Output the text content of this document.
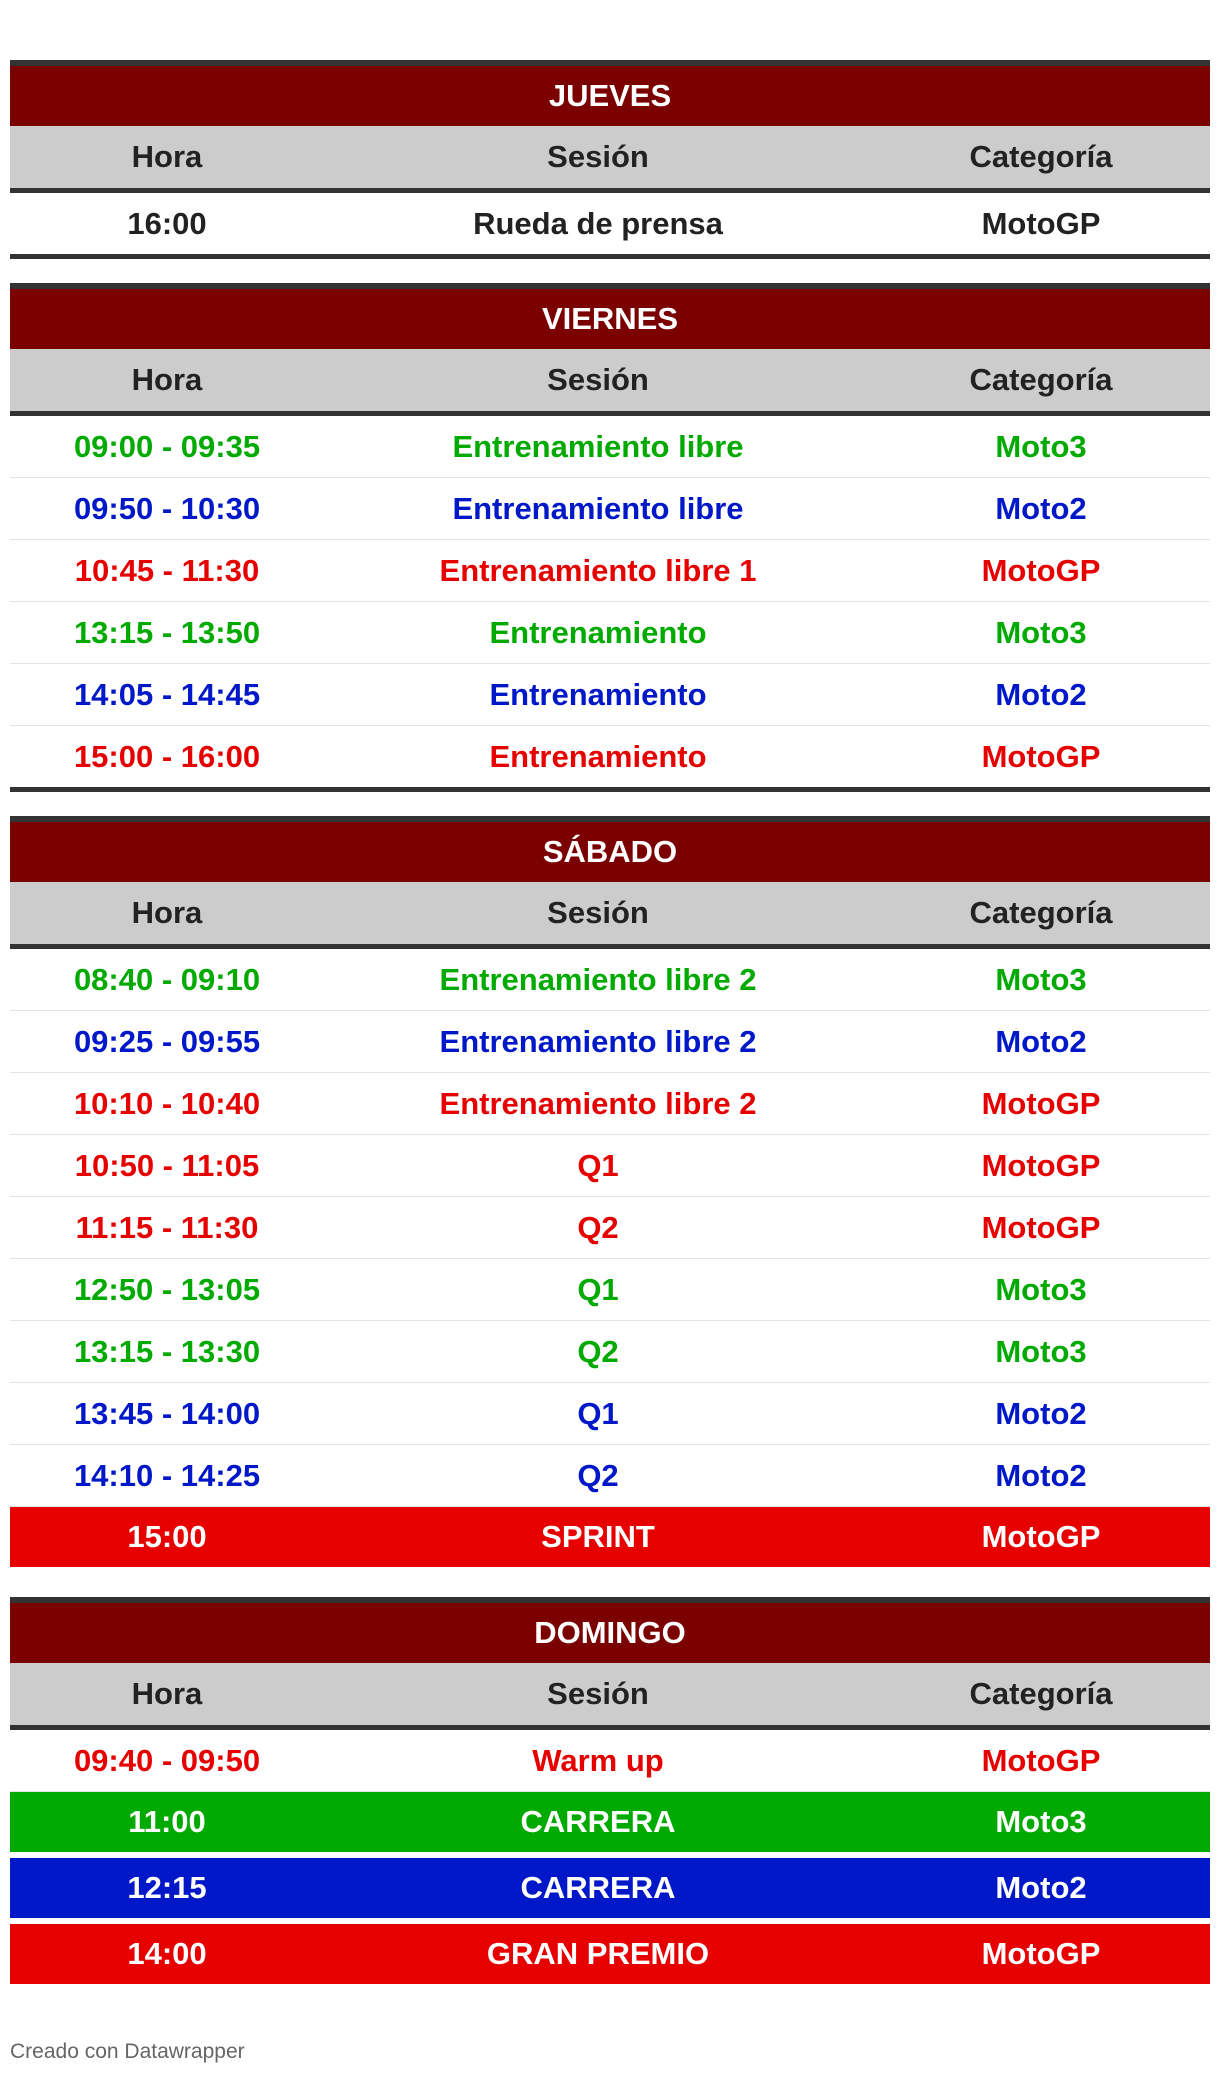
JUEVES
Hora	Sesión	Categoría
16:00	Rueda de prensa	MotoGP
VIERNES
Hora	Sesión	Categoría
09:00 - 09:35	Entrenamiento libre	Moto3
09:50 - 10:30	Entrenamiento libre	Moto2
10:45 - 11:30	Entrenamiento libre 1	MotoGP
13:15 - 13:50	Entrenamiento	Moto3
14:05 - 14:45	Entrenamiento	Moto2
15:00 - 16:00	Entrenamiento	MotoGP
SÁBADO
Hora	Sesión	Categoría
08:40 - 09:10	Entrenamiento libre 2	Moto3
09:25 - 09:55	Entrenamiento libre 2	Moto2
10:10 - 10:40	Entrenamiento libre 2	MotoGP
10:50 - 11:05	Q1	MotoGP
11:15 - 11:30	Q2	MotoGP
12:50 - 13:05	Q1	Moto3
13:15 - 13:30	Q2	Moto3
13:45 - 14:00	Q1	Moto2
14:10 - 14:25	Q2	Moto2
15:00	SPRINT	MotoGP
DOMINGO
Hora	Sesión	Categoría
09:40 - 09:50	Warm up	MotoGP
11:00	CARRERA	Moto3
12:15	CARRERA	Moto2
14:00	GRAN PREMIO	MotoGP
Creado con Datawrapper
